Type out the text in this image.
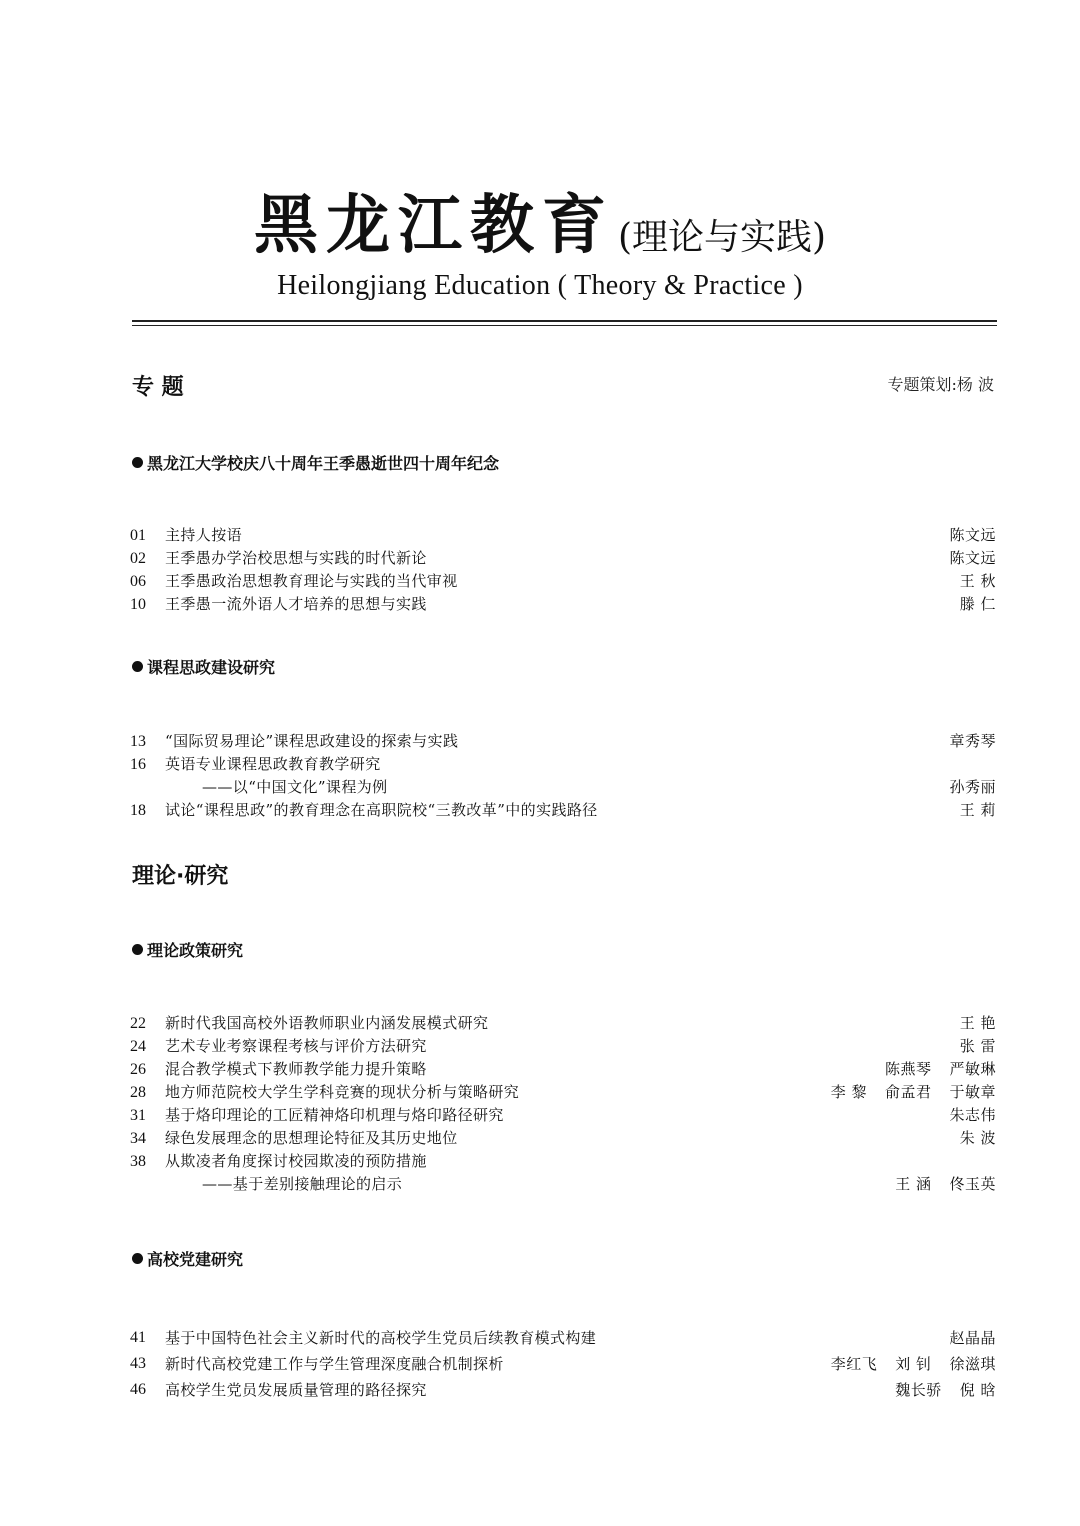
黑龙江教育 (理论与实践)
Heilongjiang Education ( Theory & Practice )
专 题	专题策划:杨 波
黑龙江大学校庆八十周年王季愚逝世四十周年纪念
01	主持人按语	陈文远
02	王季愚办学治校思想与实践的时代新论	陈文远
06	王季愚政治思想教育理论与实践的当代审视	王 秋
10	王季愚一流外语人才培养的思想与实践	滕 仁
课程思政建设研究
13	“国际贸易理论”课程思政建设的探索与实践	章秀琴
16	英语专业课程思政教育教学研究
——以“中国文化”课程为例	孙秀丽
18	试论“课程思政”的教育理念在高职院校“三教改革”中的实践路径	王 莉
理论·研究
理论政策研究
22	新时代我国高校外语教师职业内涵发展模式研究	王 艳
24	艺术专业考察课程考核与评价方法研究	张 雷
26	混合教学模式下教师教学能力提升策略	陈燕琴 严敏琳
28	地方师范院校大学生学科竞赛的现状分析与策略研究	李 黎 俞孟君 于敏章
31	基于烙印理论的工匠精神烙印机理与烙印路径研究	朱志伟
34	绿色发展理念的思想理论特征及其历史地位	朱 波
38	从欺凌者角度探讨校园欺凌的预防措施
——基于差别接触理论的启示	王 涵 佟玉英
高校党建研究
41	基于中国特色社会主义新时代的高校学生党员后续教育模式构建	赵晶晶
43	新时代高校党建工作与学生管理深度融合机制探析	李红飞 刘 钊 徐滋琪
46	高校学生党员发展质量管理的路径探究	魏长骄 倪 晗
